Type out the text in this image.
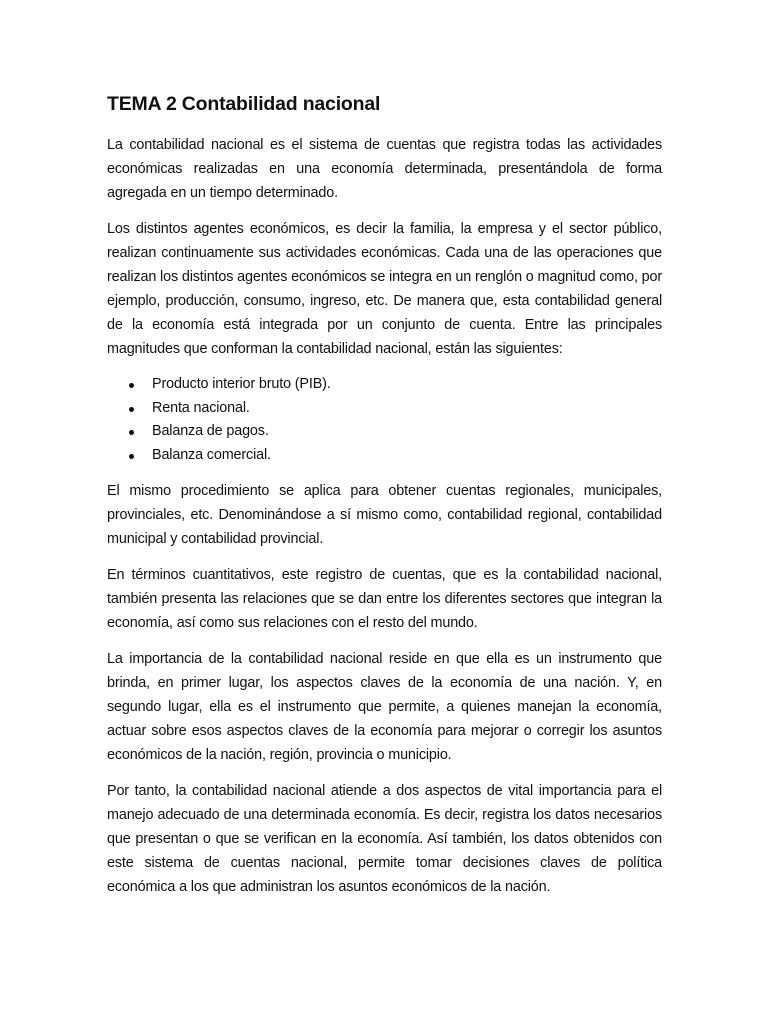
TEMA 2 Contabilidad nacional

La contabilidad nacional es el sistema de cuentas que registra todas las actividades económicas realizadas en una economía determinada, presentándola de forma agregada en un tiempo determinado.

Los distintos agentes económicos, es decir la familia, la empresa y el sector público, realizan continuamente sus actividades económicas. Cada una de las operaciones que realizan los distintos agentes económicos se integra en un renglón o magnitud como, por ejemplo, producción, consumo, ingreso, etc. De manera que, esta contabilidad general de la economía está integrada por un conjunto de cuenta. Entre las principales magnitudes que conforman la contabilidad nacional, están las siguientes:

Producto interior bruto (PIB).
Renta nacional.
Balanza de pagos.
Balanza comercial.

El mismo procedimiento se aplica para obtener cuentas regionales, municipales, provinciales, etc. Denominándose a sí mismo como, contabilidad regional, contabilidad municipal y contabilidad provincial.

En términos cuantitativos, este registro de cuentas, que es la contabilidad nacional, también presenta las relaciones que se dan entre los diferentes sectores que integran la economía, así como sus relaciones con el resto del mundo.

La importancia de la contabilidad nacional reside en que ella es un instrumento que brinda, en primer lugar, los aspectos claves de la economía de una nación. Y, en segundo lugar, ella es el instrumento que permite, a quienes manejan la economía, actuar sobre esos aspectos claves de la economía para mejorar o corregir los asuntos económicos de la nación, región, provincia o municipio.

Por tanto, la contabilidad nacional atiende a dos aspectos de vital importancia para el manejo adecuado de una determinada economía. Es decir, registra los datos necesarios que presentan o que se verifican en la economía. Así también, los datos obtenidos con este sistema de cuentas nacional, permite tomar decisiones claves de política económica a los que administran los asuntos económicos de la nación.
